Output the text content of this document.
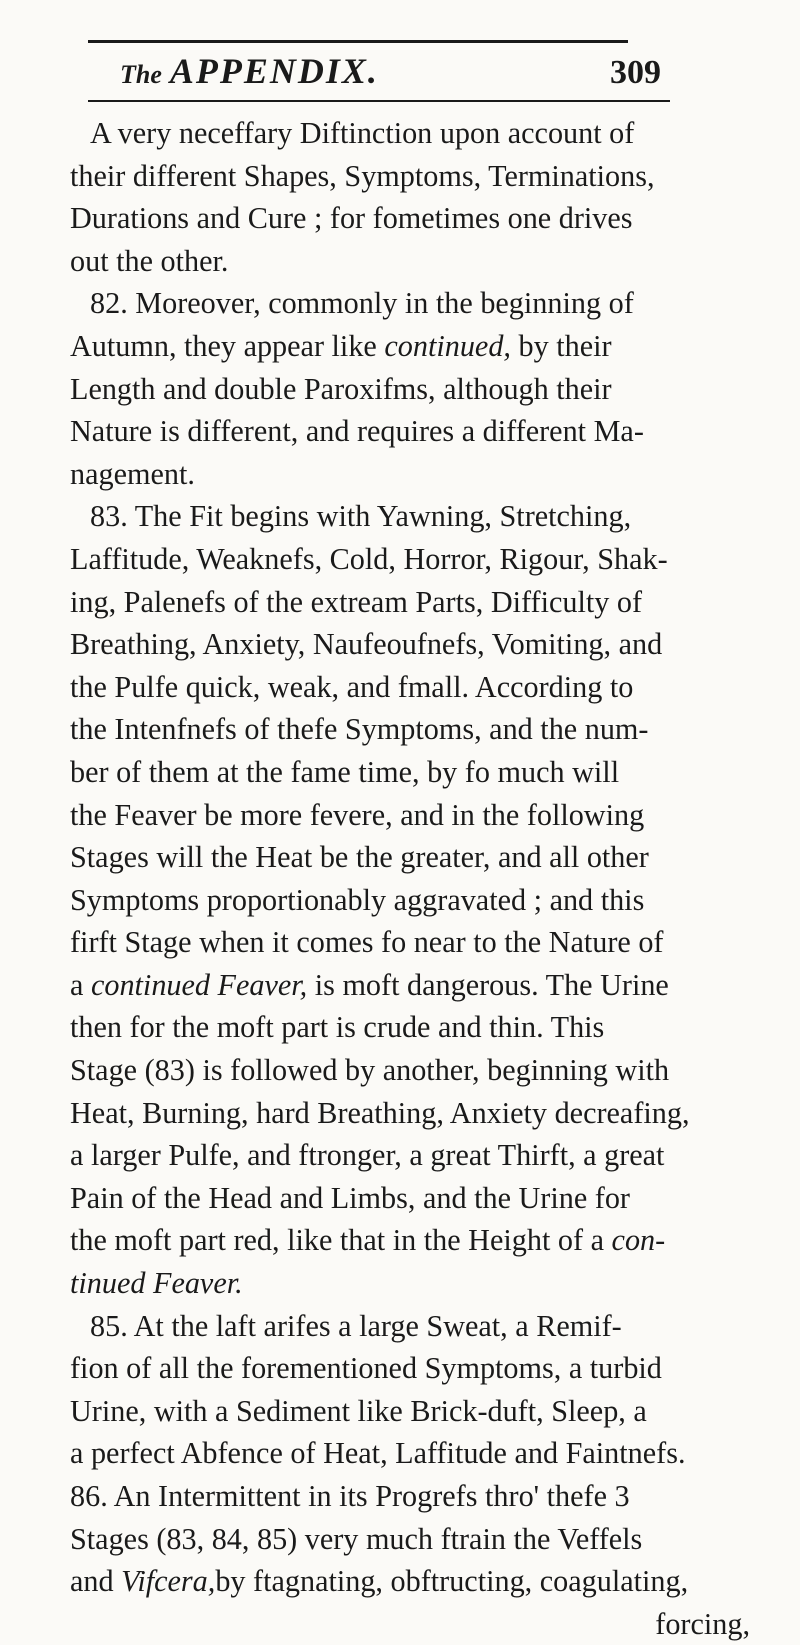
The APPENDIX.	309
A very neceffary Diftinction upon account of
their different Shapes, Symptoms, Terminations,
Durations and Cure ; for fometimes one drives
out the other.
82. Moreover, commonly in the beginning of
Autumn, they appear like continued, by their
Length and double Paroxifms, although their
Nature is different, and requires a different Ma-
nagement.
83. The Fit begins with Yawning, Stretching,
Laffitude, Weaknefs, Cold, Horror, Rigour, Shak-
ing, Palenefs of the extream Parts, Difficulty of
Breathing, Anxiety, Naufeoufnefs, Vomiting, and
the Pulfe quick, weak, and fmall. According to
the Intenfnefs of thefe Symptoms, and the num-
ber of them at the fame time, by fo much will
the Feaver be more fevere, and in the following
Stages will the Heat be the greater, and all other
Symptoms proportionably aggravated ; and this
firft Stage when it comes fo near to the Nature of
a continued Feaver, is moft dangerous. The Urine
then for the moft part is crude and thin. This
Stage (83) is followed by another, beginning with
Heat, Burning, hard Breathing, Anxiety decreafing,
a larger Pulfe, and ftronger, a great Thirft, a great
Pain of the Head and Limbs, and the Urine for
the moft part red, like that in the Height of a con-
tinued Feaver.
85. At the laft arifes a large Sweat, a Remif-
fion of all the forementioned Symptoms, a turbid
Urine, with a Sediment like Brick-duft, Sleep, a
a perfect Abfence of Heat, Laffitude and Faintnefs.
86. An Intermittent in its Progrefs thro' thefe 3
Stages (83, 84, 85) very much ftrain the Veffels
and Vifcera,by ftagnating, obftructing, coagulating,
forcing,
